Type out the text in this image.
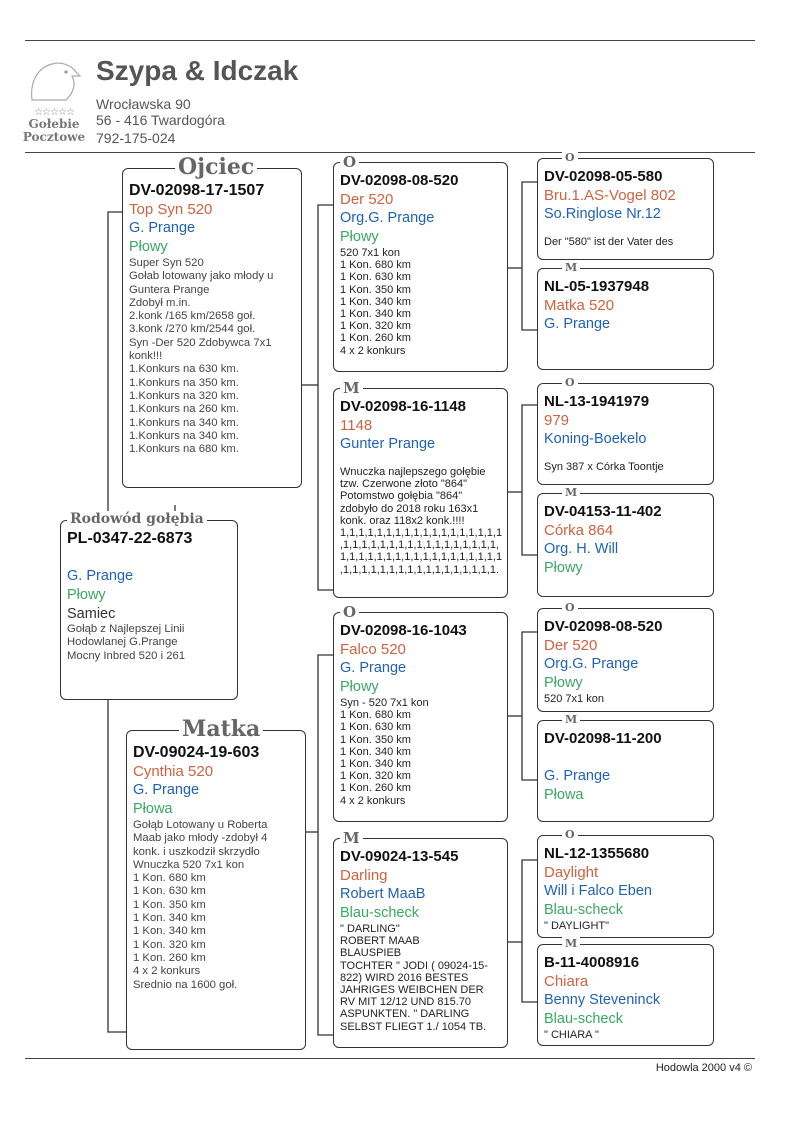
☆☆☆☆☆
Gołebie
Pocztowe
Szypa & Idczak
Wrocławska 90
56 - 416 Twardogóra
792-175-024
Rodowód gołębia
PL-0347-22-6873
G. Prange
Płowy
Samiec
Gołąb z Najlepszej Linii
Hodowlanej G.Prange
Mocny Inbred 520 i 261
Ojciec
DV-02098-17-1507
Top Syn 520
G. Prange
Płowy
Super Syn 520
Gołab lotowany jako młody u
Guntera Prange
Zdobył m.in.
2.konk /165 km/2658 goł.
3.konk /270 km/2544 goł.
Syn -Der 520 Zdobywca 7x1
konk!!!
1.Konkurs na 630 km.
1.Konkurs na 350 km.
1.Konkurs na 320 km.
1.Konkurs na 260 km.
1.Konkurs na 340 km.
1.Konkurs na 340 km.
1.Konkurs na 680 km.
Matka
DV-09024-19-603
Cynthia 520
G. Prange
Płowa
Gołąb Lotowany u Roberta
Maab jako młody -zdobył 4
konk. i uszkodził skrzydło
Wnuczka 520 7x1 kon
1 Kon. 680 km
1 Kon. 630 km
1 Kon. 350 km
1 Kon. 340 km
1 Kon. 340 km
1 Kon. 320 km
1 Kon. 260 km
4 x 2 konkurs
Srednio na 1600 goł.
O
DV-02098-08-520
Der 520
Org.G. Prange
Płowy
520 7x1 kon
1 Kon. 680 km
1 Kon. 630 km
1 Kon. 350 km
1 Kon. 340 km
1 Kon. 340 km
1 Kon. 320 km
1 Kon. 260 km
4 x 2 konkurs
M
DV-02098-16-1148
1148
Gunter Prange
Wnuczka najlepszego gołębie
tzw. Czerwone złoto "864"
Potomstwo gołębia "864"
zdobyło do 2018 roku 163x1
konk. oraz 118x2 konk.!!!!
1,1,1,1,1,1,1,1,1,1,1,1,1,1,1,1,1,1
,1,1,1,1,1,1,1,1,1,1,1,1,1,1,1,1,1,
1,1,1,1,1,1,1,1,1,1,1,1,1,1,1,1,1,1
,1,1,1,1,1,1,1,1,1,1,1,1,1,1,1,1,1.
O
DV-02098-16-1043
Falco 520
G. Prange
Płowy
Syn - 520 7x1 kon
1 Kon. 680 km
1 Kon. 630 km
1 Kon. 350 km
1 Kon. 340 km
1 Kon. 340 km
1 Kon. 320 km
1 Kon. 260 km
4 x 2 konkurs
M
DV-09024-13-545
Darling
Robert MaaB
Blau-scheck
" DARLING"
ROBERT MAAB
BLAUSPIEB
TOCHTER " JODI ( 09024-15-
822) WIRD 2016 BESTES
JAHRIGES WEIBCHEN DER
RV MIT 12/12 UND 815.70
ASPUNKTEN. " DARLING
SELBST FLIEGT 1./ 1054 TB.
O
DV-02098-05-580
Bru.1.AS-Vogel 802
So.Ringlose Nr.12
Der "580" ist der Vater des
M
NL-05-1937948
Matka 520
G. Prange
O
NL-13-1941979
979
Koning-Boekelo
Syn 387 x Córka Toontje
M
DV-04153-11-402
Córka 864
Org. H. Will
Płowy
O
DV-02098-08-520
Der 520
Org.G. Prange
Płowy
520 7x1 kon
M
DV-02098-11-200
G. Prange
Płowa
O
NL-12-1355680
Daylight
Will i Falco Eben
Blau-scheck
" DAYLIGHT"
M
B-11-4008916
Chiara
Benny Steveninck
Blau-scheck
" CHIARA "
Hodowla 2000 v4 ©
